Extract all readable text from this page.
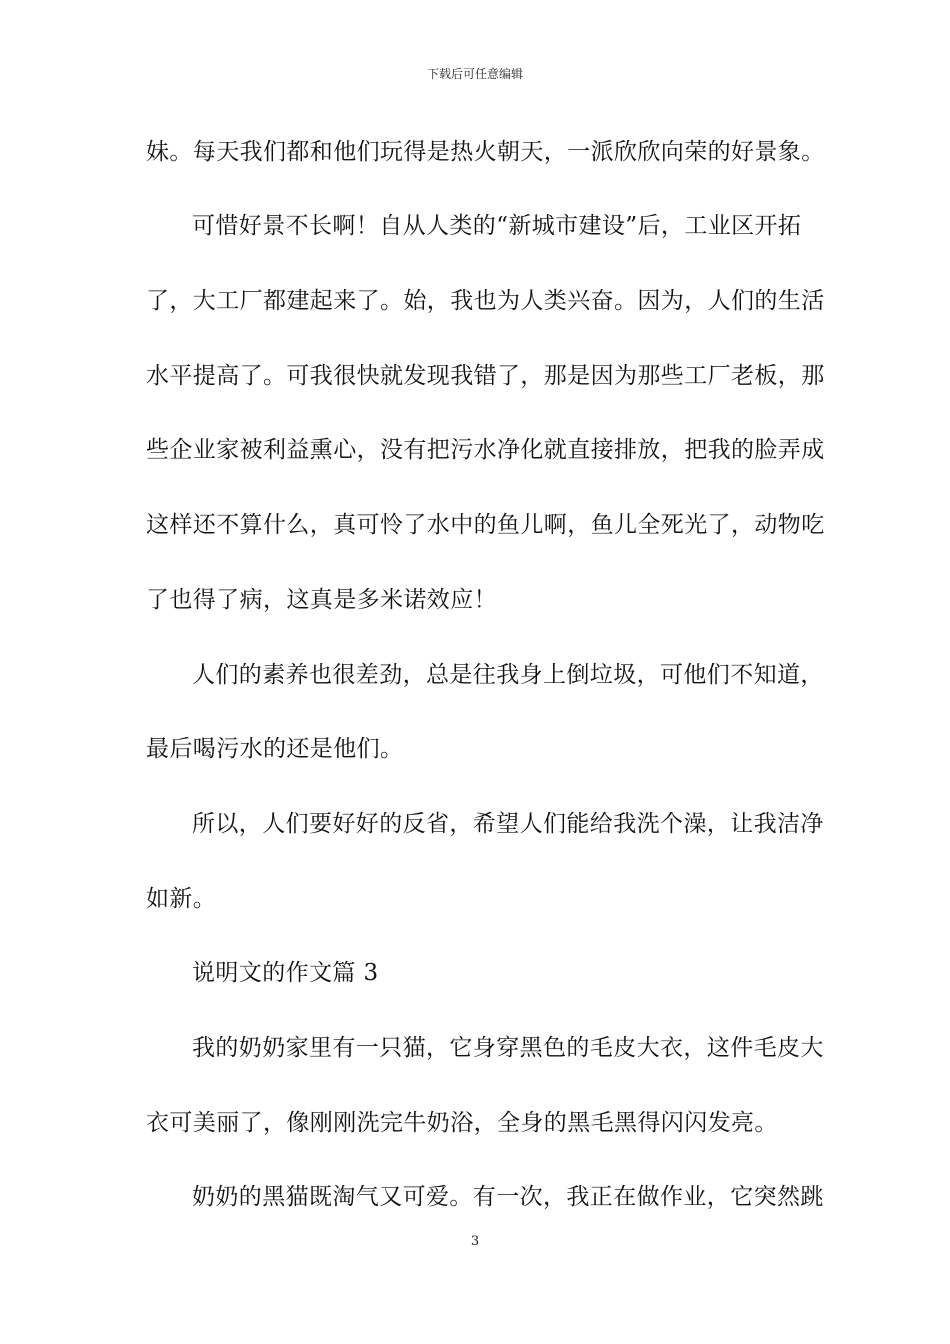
下载后可任意编辑
妹。每天我们都和他们玩得是热火朝天，一派欣欣向荣的好景象。
可惜好景不长啊！自从人类的“新城市建设”后，工业区开拓
了，大工厂都建起来了。始，我也为人类兴奋。因为，人们的生活
水平提高了。可我很快就发现我错了，那是因为那些工厂老板，那
些企业家被利益熏心，没有把污水净化就直接排放，把我的脸弄成
这样还不算什么，真可怜了水中的鱼儿啊，鱼儿全死光了，动物吃
了也得了病，这真是多米诺效应！
人们的素养也很差劲，总是往我身上倒垃圾，可他们不知道，
最后喝污水的还是他们。
所以，人们要好好的反省，希望人们能给我洗个澡，让我洁净
如新。
说明文的作文篇 3
我的奶奶家里有一只猫，它身穿黑色的毛皮大衣，这件毛皮大
衣可美丽了，像刚刚洗完牛奶浴，全身的黑毛黑得闪闪发亮。
奶奶的黑猫既淘气又可爱。有一次，我正在做作业，它突然跳
3
